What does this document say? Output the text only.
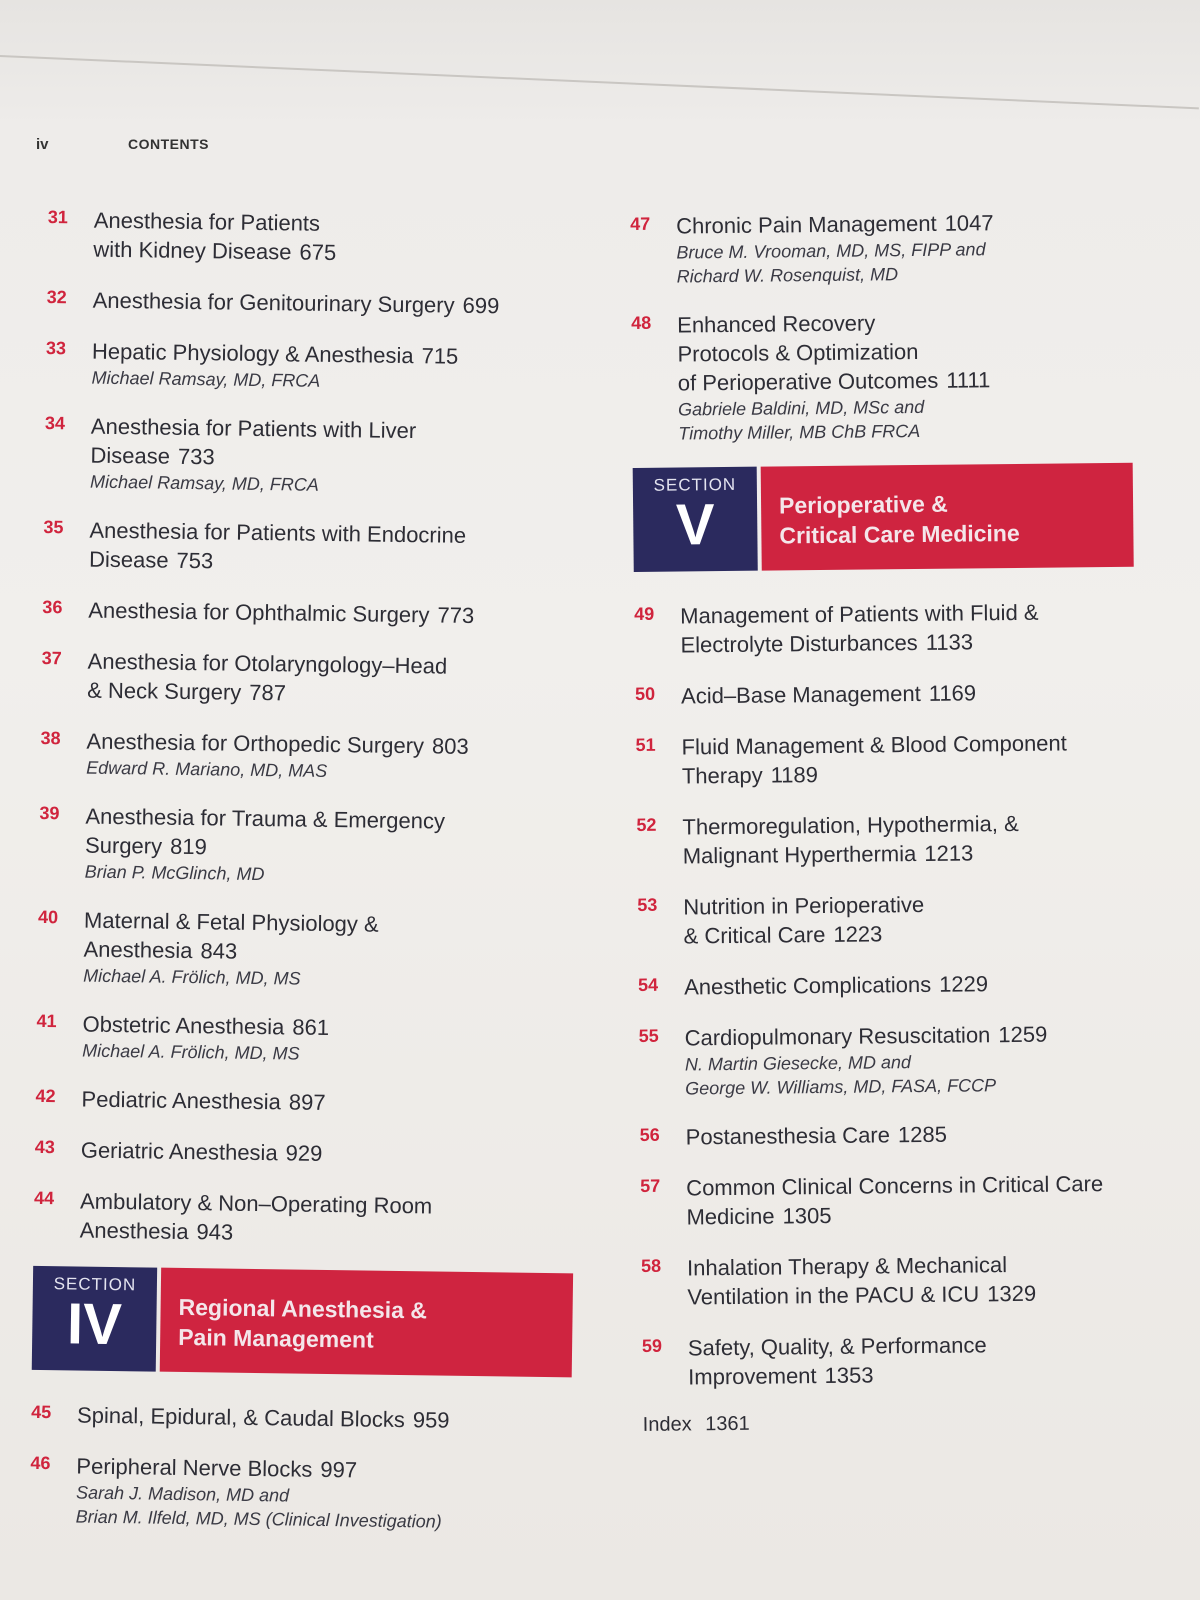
iv	CONTENTS
31 Anesthesia for Patients
with Kidney Disease 675
32 Anesthesia for Genitourinary Surgery 699
33 Hepatic Physiology & Anesthesia 715
Michael Ramsay, MD, FRCA
34 Anesthesia for Patients with Liver
Disease 733
Michael Ramsay, MD, FRCA
35 Anesthesia for Patients with Endocrine
Disease 753
36 Anesthesia for Ophthalmic Surgery 773
37 Anesthesia for Otolaryngology–Head
& Neck Surgery 787
38 Anesthesia for Orthopedic Surgery 803
Edward R. Mariano, MD, MAS
39 Anesthesia for Trauma & Emergency
Surgery 819
Brian P. McGlinch, MD
40 Maternal & Fetal Physiology &
Anesthesia 843
Michael A. Frölich, MD, MS
41 Obstetric Anesthesia 861
Michael A. Frölich, MD, MS
42 Pediatric Anesthesia 897
43 Geriatric Anesthesia 929
44 Ambulatory & Non–Operating Room
Anesthesia 943
SECTION
IV	Regional Anesthesia &
Pain Management
45 Spinal, Epidural, & Caudal Blocks 959
46 Peripheral Nerve Blocks 997
Sarah J. Madison, MD and
Brian M. Ilfeld, MD, MS (Clinical Investigation)
47 Chronic Pain Management 1047
Bruce M. Vrooman, MD, MS, FIPP and
Richard W. Rosenquist, MD
48 Enhanced Recovery
Protocols & Optimization
of Perioperative Outcomes 1111
Gabriele Baldini, MD, MSc and
Timothy Miller, MB ChB FRCA
SECTION
V	Perioperative &
Critical Care Medicine
49 Management of Patients with Fluid &
Electrolyte Disturbances 1133
50 Acid–Base Management 1169
51 Fluid Management & Blood Component
Therapy 1189
52 Thermoregulation, Hypothermia, &
Malignant Hyperthermia 1213
53 Nutrition in Perioperative
& Critical Care 1223
54 Anesthetic Complications 1229
55 Cardiopulmonary Resuscitation 1259
N. Martin Giesecke, MD and
George W. Williams, MD, FASA, FCCP
56 Postanesthesia Care 1285
57 Common Clinical Concerns in Critical Care
Medicine 1305
58 Inhalation Therapy & Mechanical
Ventilation in the PACU & ICU 1329
59 Safety, Quality, & Performance
Improvement 1353
Index 1361
